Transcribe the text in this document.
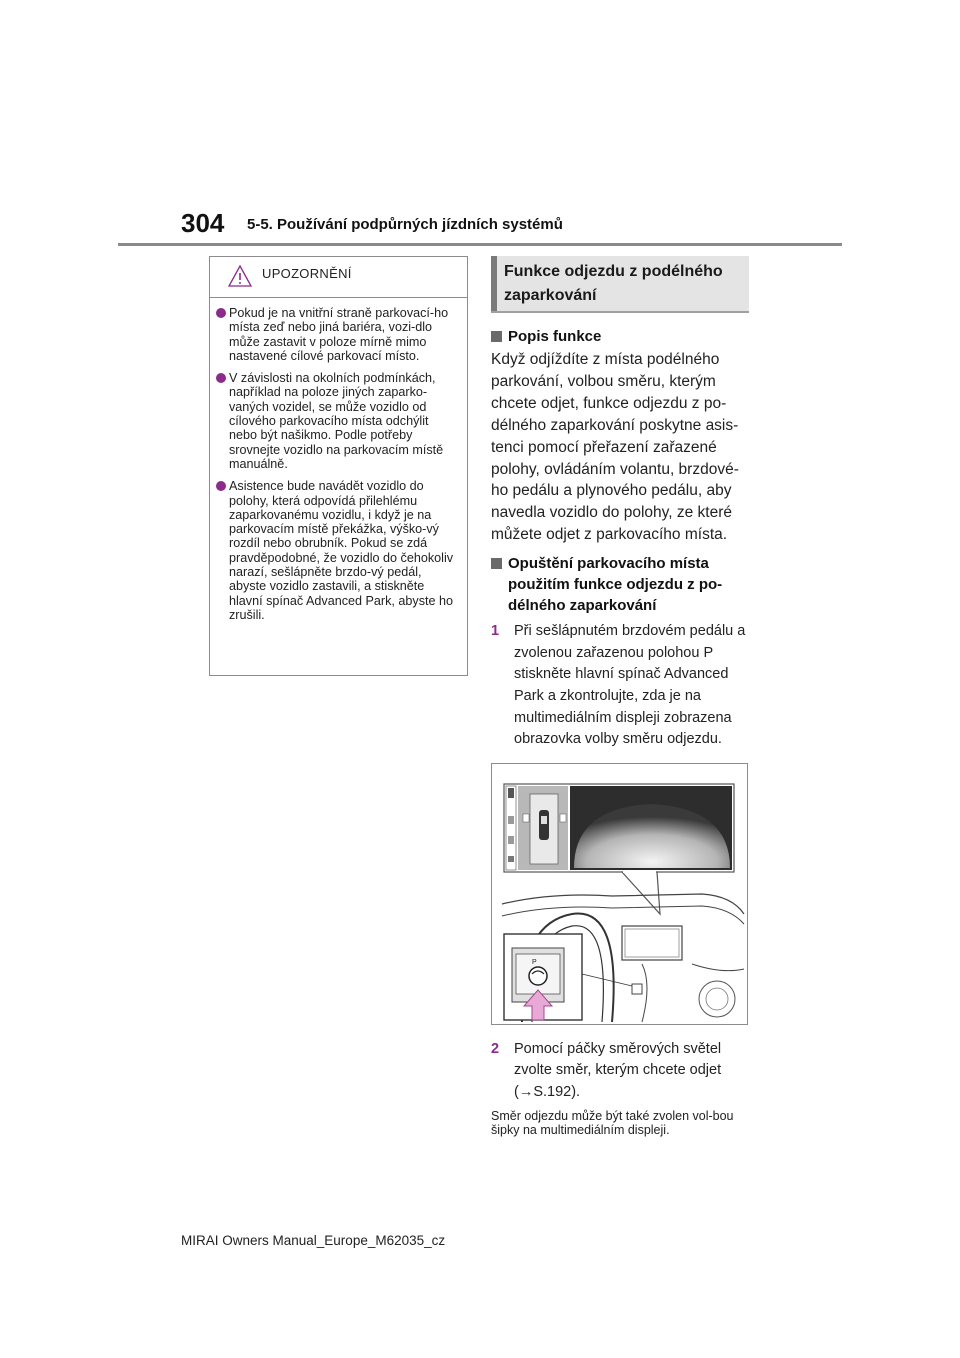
304 5-5. Používání podpůrných jízdních systémů
UPOZORNĚNÍ
Pokud je na vnitřní straně parkovací-ho místa zeď nebo jiná bariéra, vozi-dlo může zastavit v poloze mírně mimo nastavené cílové parkovací místo.
V závislosti na okolních podmínkách, například na poloze jiných zaparko-vaných vozidel, se může vozidlo od cílového parkovacího místa odchýlit nebo být našikmo. Podle potřeby srovnejte vozidlo na parkovacím místě manuálně.
Asistence bude navádět vozidlo do polohy, která odpovídá přilehlému zaparkovanému vozidlu, i když je na parkovacím místě překážka, výško-vý rozdíl nebo obrubník. Pokud se zdá pravděpodobné, že vozidlo do čehokoliv narazí, sešlápněte brzdo-vý pedál, abyste vozidlo zastavili, a stiskněte hlavní spínač Advanced Park, abyste ho zrušili.
Funkce odjezdu z podélného zaparkování
Popis funkce
Když odjíždíte z místa podélného parkování, volbou směru, kterým chcete odjet, funkce odjezdu z po-délného zaparkování poskytne asis-tenci pomocí přeřazení zařazené polohy, ovládáním volantu, brzdové-ho pedálu a plynového pedálu, aby navedla vozidlo do polohy, ze které můžete odjet z parkovacího místa.
Opuštění parkovacího místa použitím funkce odjezdu z po-délného zaparkování
1 Při sešlápnutém brzdovém pedálu a zvolenou zařazenou polohou P stiskněte hlavní spínač Advanced Park a zkontrolujte, zda je na multimediálním displeji zobrazena obrazovka volby směru odjezdu.
P
2 Pomocí páčky směrových světel zvolte směr, kterým chcete odjet (→S.192).
Směr odjezdu může být také zvolen vol-bou šipky na multimediálním displeji.
MIRAI Owners Manual_Europe_M62035_cz
